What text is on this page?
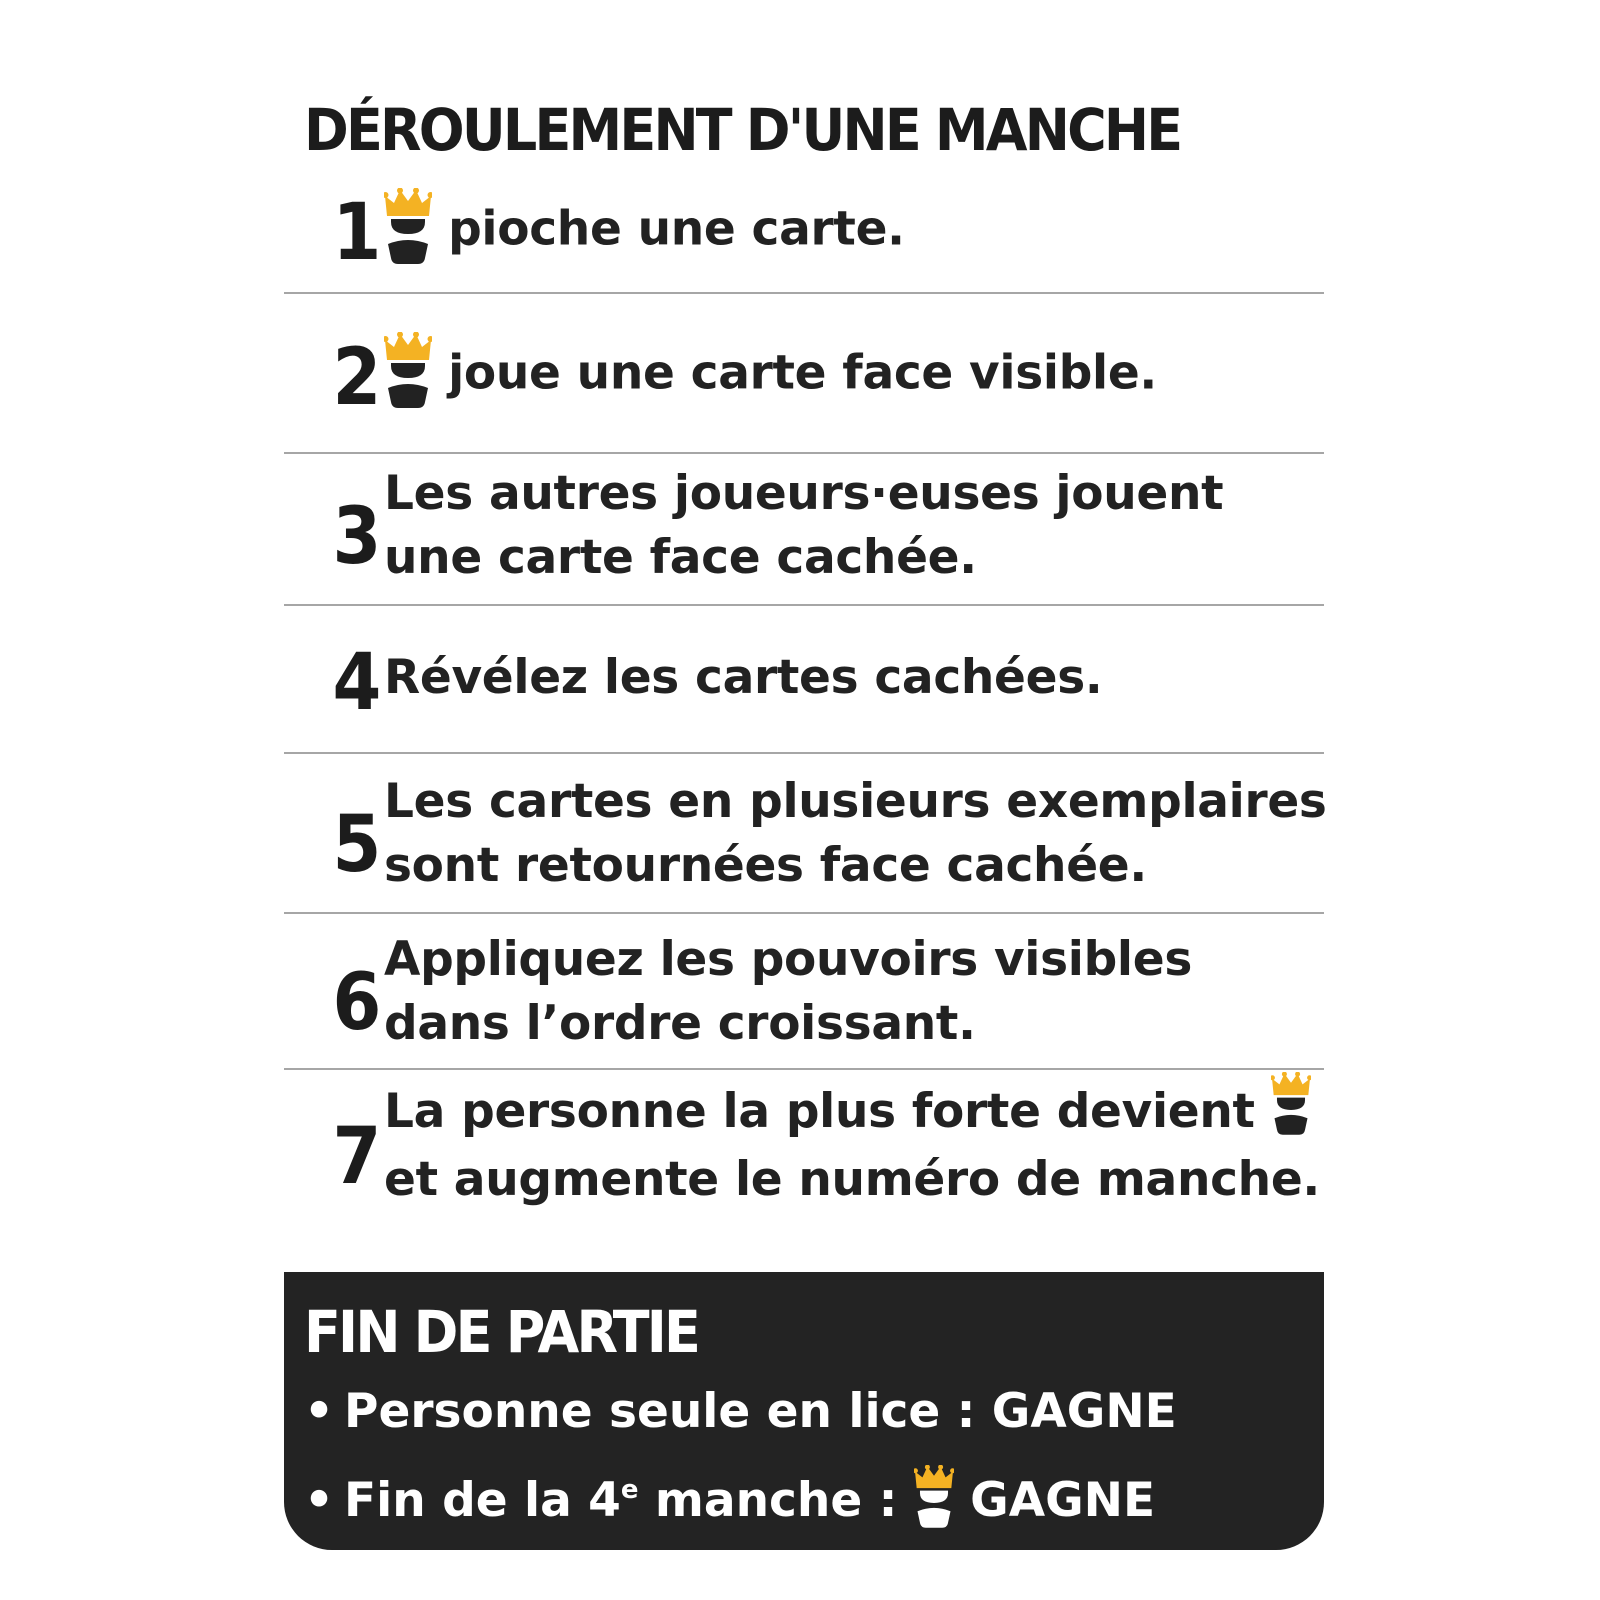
DÉROULEMENT D'UNE MANCHE
1	pioche une carte.
2	joue une carte face visible.
3 Les autres joueurs·euses jouent
une carte face cachée.
4 Révélez les cartes cachées.
5 Les cartes en plusieurs exemplaires
sont retournées face cachée.
6 Appliquez les pouvoirs visibles
dans l’ordre croissant.
7
La personne la plus forte devient
et augmente le numéro de manche.
FIN DE PARTIE
• Personne seule en lice : GAGNE
• Fin de la 4e manche : GAGNE
